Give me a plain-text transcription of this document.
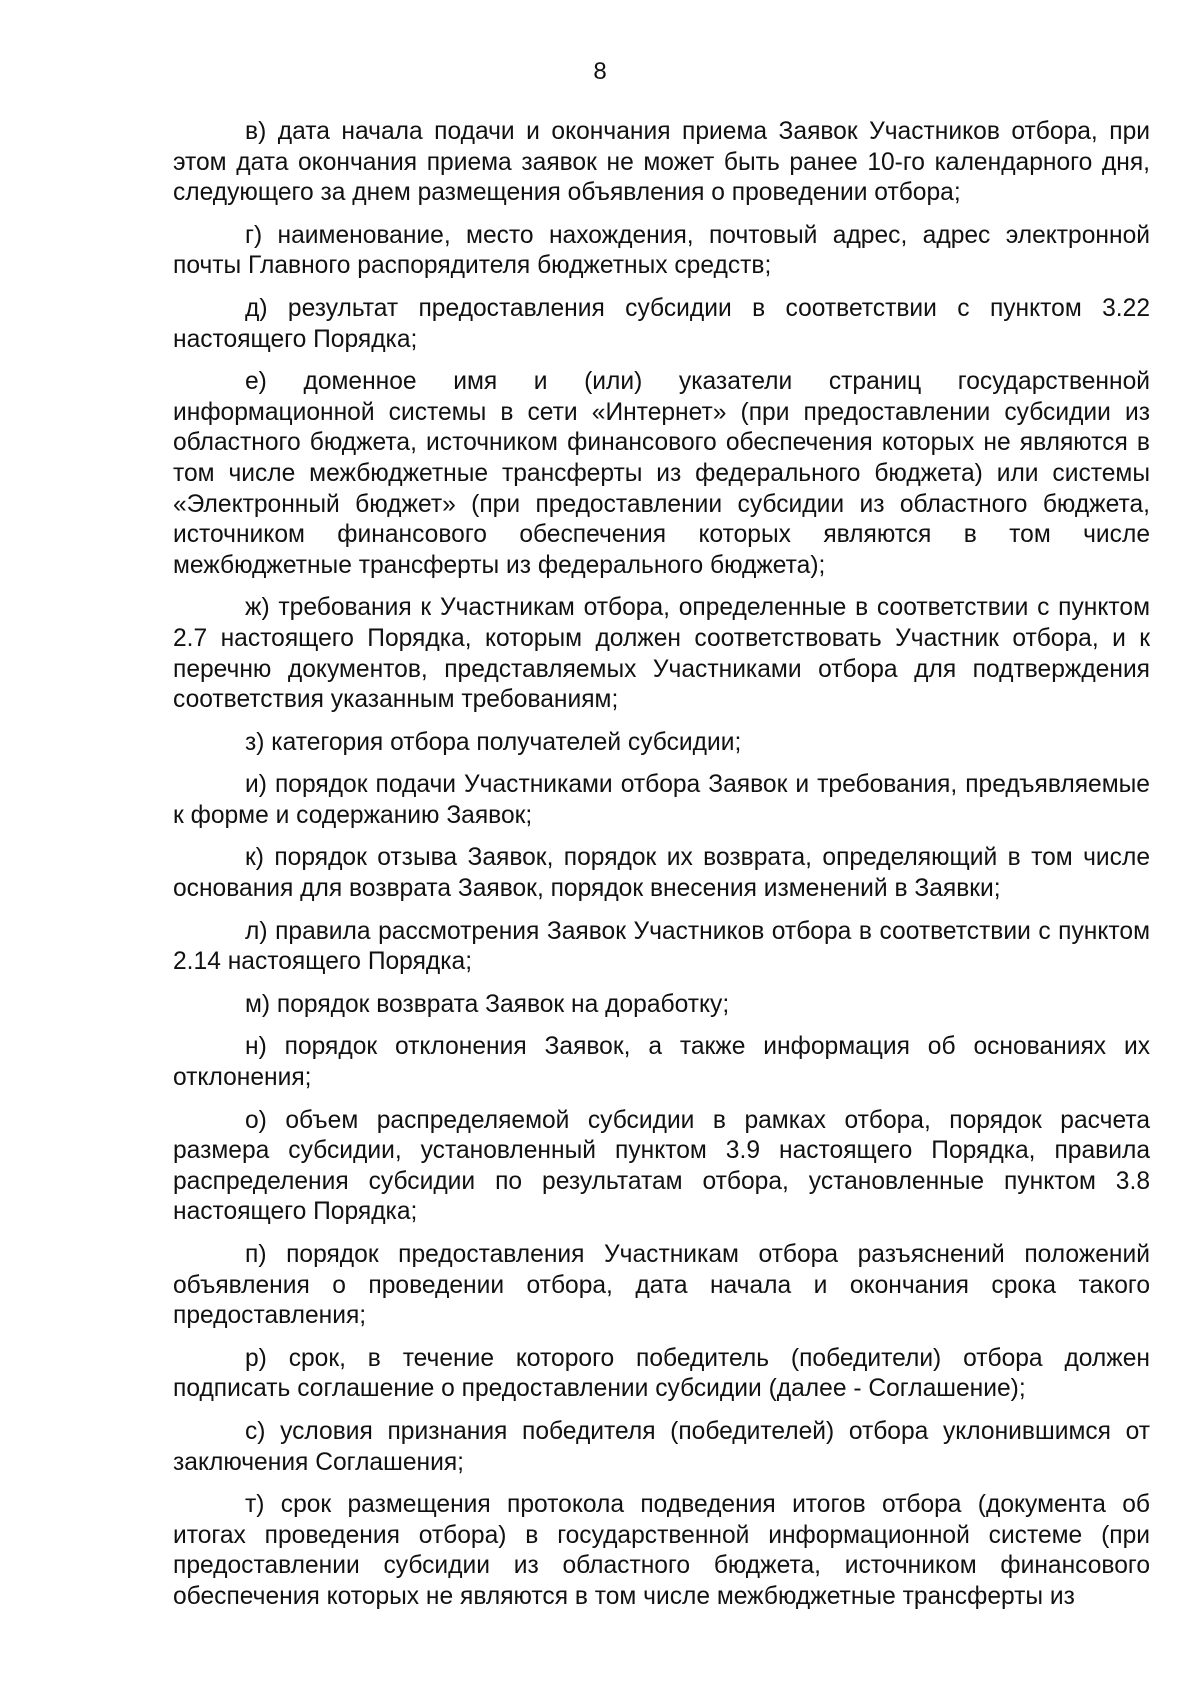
8

в) дата начала подачи и окончания приема Заявок Участников отбора, при этом дата окончания приема заявок не может быть ранее 10-го календарного дня, следующего за днем размещения объявления о проведении отбора;

г) наименование, место нахождения, почтовый адрес, адрес электронной почты Главного распорядителя бюджетных средств;

д) результат предоставления субсидии в соответствии с пунктом 3.22 настоящего Порядка;

е) доменное имя и (или) указатели страниц государственной информационной системы в сети «Интернет» (при предоставлении субсидии из областного бюджета, источником финансового обеспечения которых не являются в том числе межбюджетные трансферты из федерального бюджета) или системы «Электронный бюджет» (при предоставлении субсидии из областного бюджета, источником финансового обеспечения которых являются в том числе межбюджетные трансферты из федерального бюджета);

ж) требования к Участникам отбора, определенные в соответствии с пунктом 2.7 настоящего Порядка, которым должен соответствовать Участник отбора, и к перечню документов, представляемых Участниками отбора для подтверждения соответствия указанным требованиям;

з) категория отбора получателей субсидии;

и) порядок подачи Участниками отбора Заявок и требования, предъявляемые к форме и содержанию Заявок;

к) порядок отзыва Заявок, порядок их возврата, определяющий в том числе основания для возврата Заявок, порядок внесения изменений в Заявки;

л) правила рассмотрения Заявок Участников отбора в соответствии с пунктом 2.14 настоящего Порядка;

м) порядок возврата Заявок на доработку;

н) порядок отклонения Заявок, а также информация об основаниях их отклонения;

о) объем распределяемой субсидии в рамках отбора, порядок расчета размера субсидии, установленный пунктом 3.9 настоящего Порядка, правила распределения субсидии по результатам отбора, установленные пунктом 3.8 настоящего Порядка;

п) порядок предоставления Участникам отбора разъяснений положений объявления о проведении отбора, дата начала и окончания срока такого предоставления;

р) срок, в течение которого победитель (победители) отбора должен подписать соглашение о предоставлении субсидии (далее - Соглашение);

с) условия признания победителя (победителей) отбора уклонившимся от заключения Соглашения;

т) срок размещения протокола подведения итогов отбора (документа об итогах проведения отбора) в государственной информационной системе (при предоставлении субсидии из областного бюджета, источником финансового обеспечения которых не являются в том числе межбюджетные трансферты из
